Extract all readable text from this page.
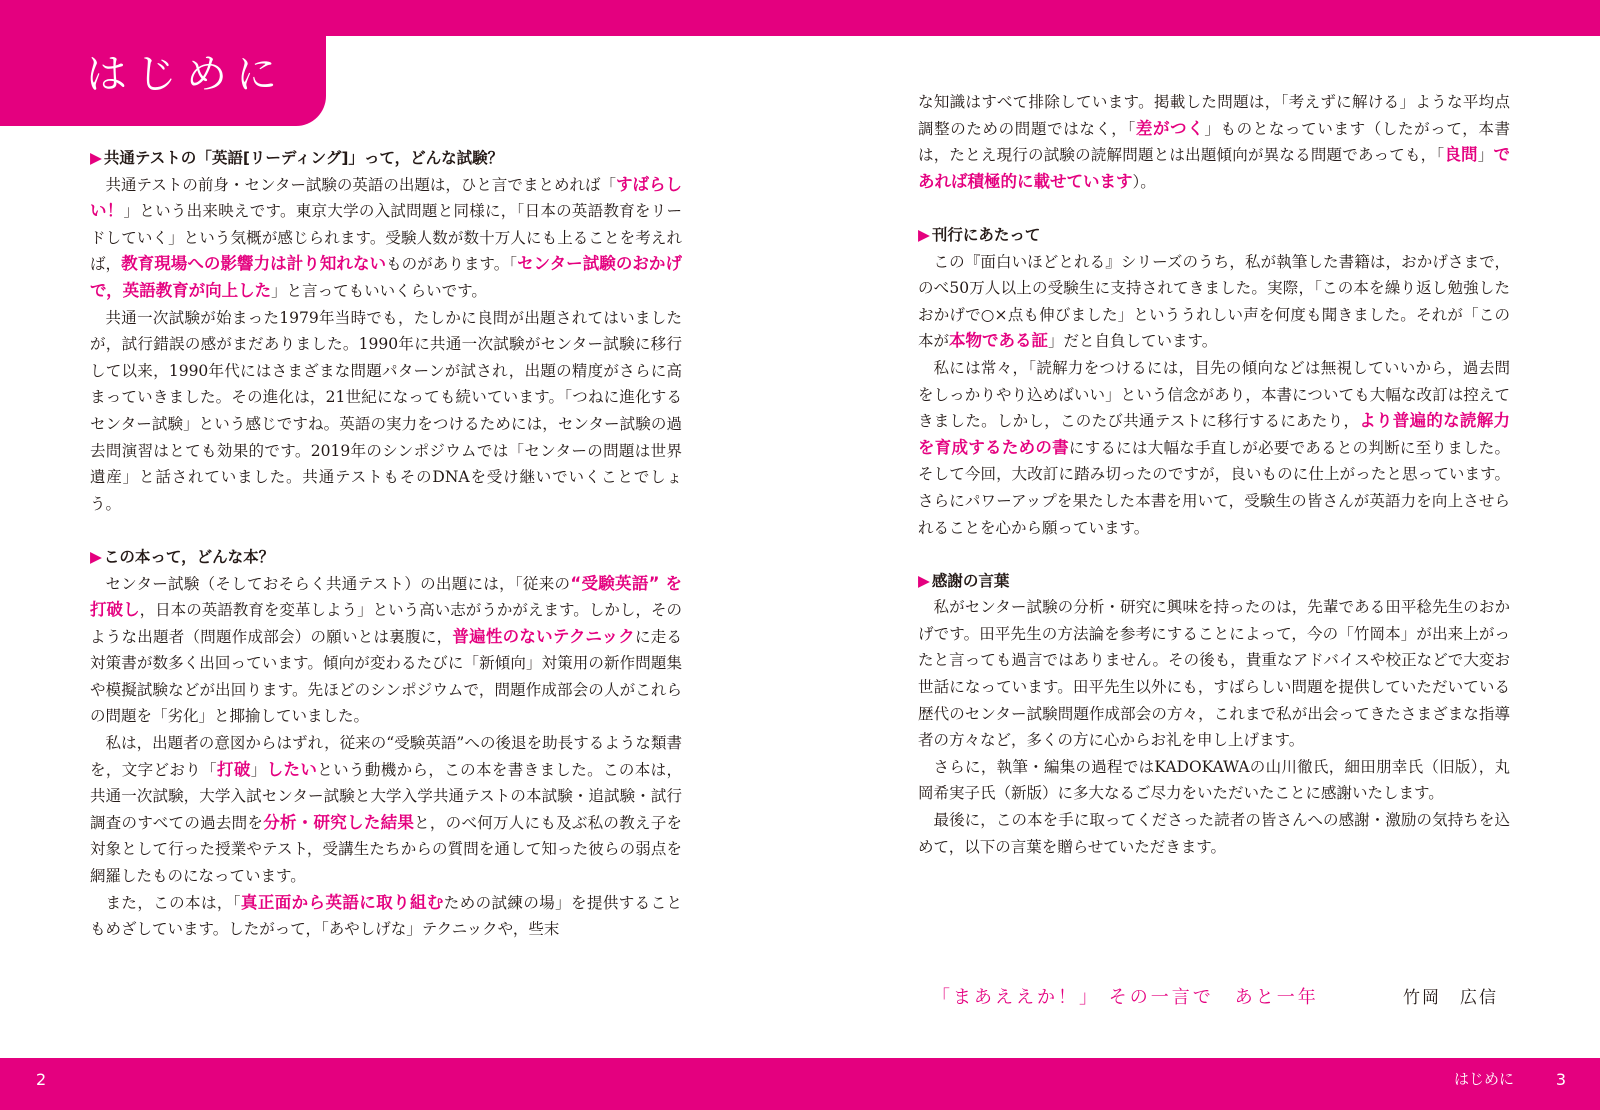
はじめに
▶ 共通テストの「英語[リーディング]」って，どんな試験？

共通テストの前身・センター試験の英語の出題は，ひと言でまとめれば「すばらしい！」という出来映えです。東京大学の入試問題と同様に，「日本の英語教育をリードしていく」という気概が感じられます。受験人数が数十万人にも上ることを考えれば，教育現場への影響力は計り知れないものがあります。「センター試験のおかげで，英語教育が向上した」と言ってもいいくらいです。

共通一次試験が始まった1979年当時でも，たしかに良問が出題されてはいましたが，試行錯誤の感がまだありました。1990年に共通一次試験がセンター試験に移行して以来，1990年代にはさまざまな問題パターンが試され，出題の精度がさらに高まっていきました。その進化は，21世紀になっても続いています。「つねに進化するセンター試験」という感じですね。英語の実力をつけるためには，センター試験の過去問演習はとても効果的です。2019年のシンポジウムでは「センターの問題は世界遺産」と話されていました。共通テストもそのDNAを受け継いでいくことでしょう。

▶ この本って，どんな本？

センター試験（そしておそらく共通テスト）の出題には，「従来の“受験英語” を打破し，日本の英語教育を変革しよう」という高い志がうかがえます。しかし，そのような出題者（問題作成部会）の願いとは裏腹に，普遍性のないテクニックに走る対策書が数多く出回っています。傾向が変わるたびに「新傾向」対策用の新作問題集や模擬試験などが出回ります。先ほどのシンポジウムで，問題作成部会の人がこれらの問題を「劣化」と揶揄していました。

私は，出題者の意図からはずれ，従来の“受験英語”への後退を助長するような類書を，文字どおり「打破」したいという動機から，この本を書きました。この本は，共通一次試験，大学入試センター試験と大学入学共通テストの本試験・追試験・試行調査のすべての過去問を分析・研究した結果と，のべ何万人にも及ぶ私の教え子を対象として行った授業やテスト，受講生たちからの質問を通して知った彼らの弱点を網羅したものになっています。

また，この本は，「真正面から英語に取り組むための試練の場」を提供することもめざしています。したがって，「あやしげな」テクニックや，些末

な知識はすべて排除しています。掲載した問題は，「考えずに解ける」ような平均点調整のための問題ではなく，「差がつく」ものとなっています（したがって，本書は，たとえ現行の試験の読解問題とは出題傾向が異なる問題であっても，「良問」であれば積極的に載せています）。

▶ 刊行にあたって

この『面白いほどとれる』シリーズのうち，私が執筆した書籍は，おかげさまで，のべ50万人以上の受験生に支持されてきました。実際，「この本を繰り返し勉強したおかげで○×点も伸びました」といううれしい声を何度も聞きました。それが「この本が本物である証」だと自負しています。

私には常々，「読解力をつけるには，目先の傾向などは無視していいから，過去問をしっかりやり込めばいい」という信念があり，本書についても大幅な改訂は控えてきました。しかし，このたび共通テストに移行するにあたり，より普遍的な読解力を育成するための書にするには大幅な手直しが必要であるとの判断に至りました。そして今回，大改訂に踏み切ったのですが，良いものに仕上がったと思っています。さらにパワーアップを果たした本書を用いて，受験生の皆さんが英語力を向上させられることを心から願っています。

▶ 感謝の言葉

私がセンター試験の分析・研究に興味を持ったのは，先輩である田平稔先生のおかげです。田平先生の方法論を参考にすることによって，今の「竹岡本」が出来上がったと言っても過言ではありません。その後も，貴重なアドバイスや校正などで大変お世話になっています。田平先生以外にも，すばらしい問題を提供していただいている歴代のセンター試験問題作成部会の方々，これまで私が出会ってきたさまざまな指導者の方々など，多くの方に心からお礼を申し上げます。

さらに，執筆・編集の過程ではKADOKAWAの山川徹氏，細田朋幸氏（旧版），丸岡希実子氏（新版）に多大なるご尽力をいただいたことに感謝いたします。

最後に，この本を手に取ってくださった読者の皆さんへの感謝・激励の気持ちを込めて，以下の言葉を贈らせていただきます。

「まあええか！」 その一言で　あと一年	竹岡　広信
2	はじめに	3
